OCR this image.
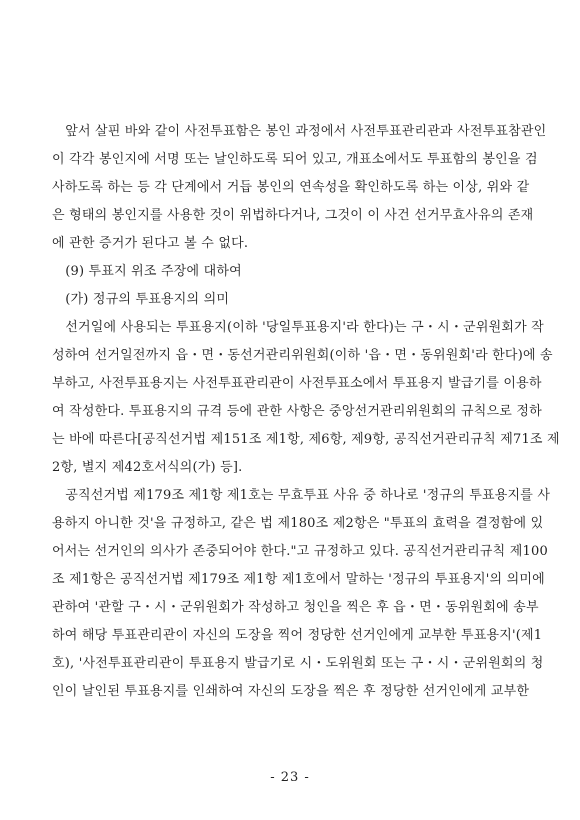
　앞서 살핀 바와 같이 사전투표함은 봉인 과정에서 사전투표관리관과 사전투표참관인
이 각각 봉인지에 서명 또는 날인하도록 되어 있고, 개표소에서도 투표함의 봉인을 검
사하도록 하는 등 각 단계에서 거듭 봉인의 연속성을 확인하도록 하는 이상, 위와 같
은 형태의 봉인지를 사용한 것이 위법하다거나, 그것이 이 사건 선거무효사유의 존재
에 관한 증거가 된다고 볼 수 없다.
　(9) 투표지 위조 주장에 대하여
　(가) 정규의 투표용지의 의미
　선거일에 사용되는 투표용지(이하 '당일투표용지'라 한다)는 구・시・군위원회가 작
성하여 선거일전까지 읍・면・동선거관리위원회(이하 '읍・면・동위원회'라 한다)에 송
부하고, 사전투표용지는 사전투표관리관이 사전투표소에서 투표용지 발급기를 이용하
여 작성한다. 투표용지의 규격 등에 관한 사항은 중앙선거관리위원회의 규칙으로 정하
는 바에 따른다[공직선거법 제151조 제1항, 제6항, 제9항, 공직선거관리규칙 제71조 제
2항, 별지 제42호서식의(가) 등].
　공직선거법 제179조 제1항 제1호는 무효투표 사유 중 하나로 '정규의 투표용지를 사
용하지 아니한 것'을 규정하고, 같은 법 제180조 제2항은 "투표의 효력을 결정함에 있
어서는 선거인의 의사가 존중되어야 한다."고 규정하고 있다. 공직선거관리규칙 제100
조 제1항은 공직선거법 제179조 제1항 제1호에서 말하는 '정규의 투표용지'의 의미에
관하여 '관할 구・시・군위원회가 작성하고 청인을 찍은 후 읍・면・동위원회에 송부
하여 해당 투표관리관이 자신의 도장을 찍어 정당한 선거인에게 교부한 투표용지'(제1
호), '사전투표관리관이 투표용지 발급기로 시・도위원회 또는 구・시・군위원회의 청
인이 날인된 투표용지를 인쇄하여 자신의 도장을 찍은 후 정당한 선거인에게 교부한
- 23 -
